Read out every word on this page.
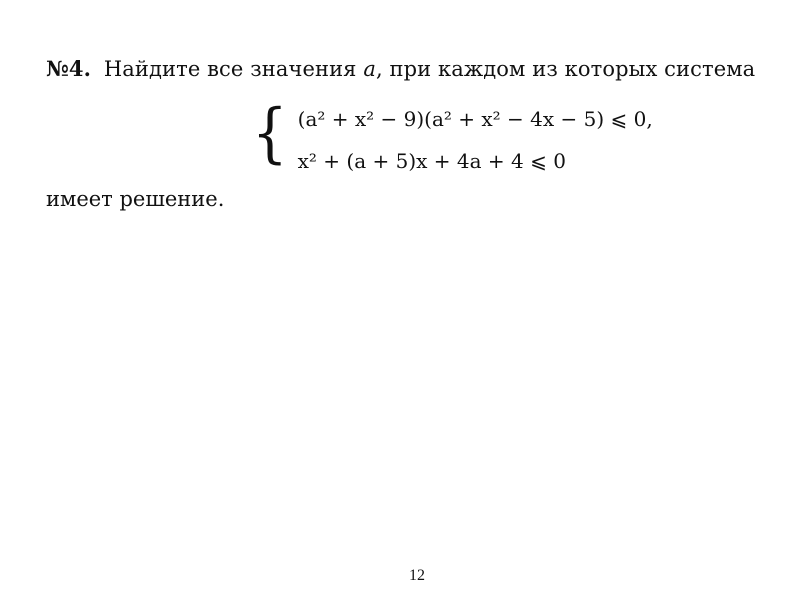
№4. Найдите все значения a, при каждом из которых система
{ (a² + x² − 9)(a² + x² − 4x − 5) ⩽ 0,
x² + (a + 5)x + 4a + 4 ⩽ 0
имеет решение.
12
